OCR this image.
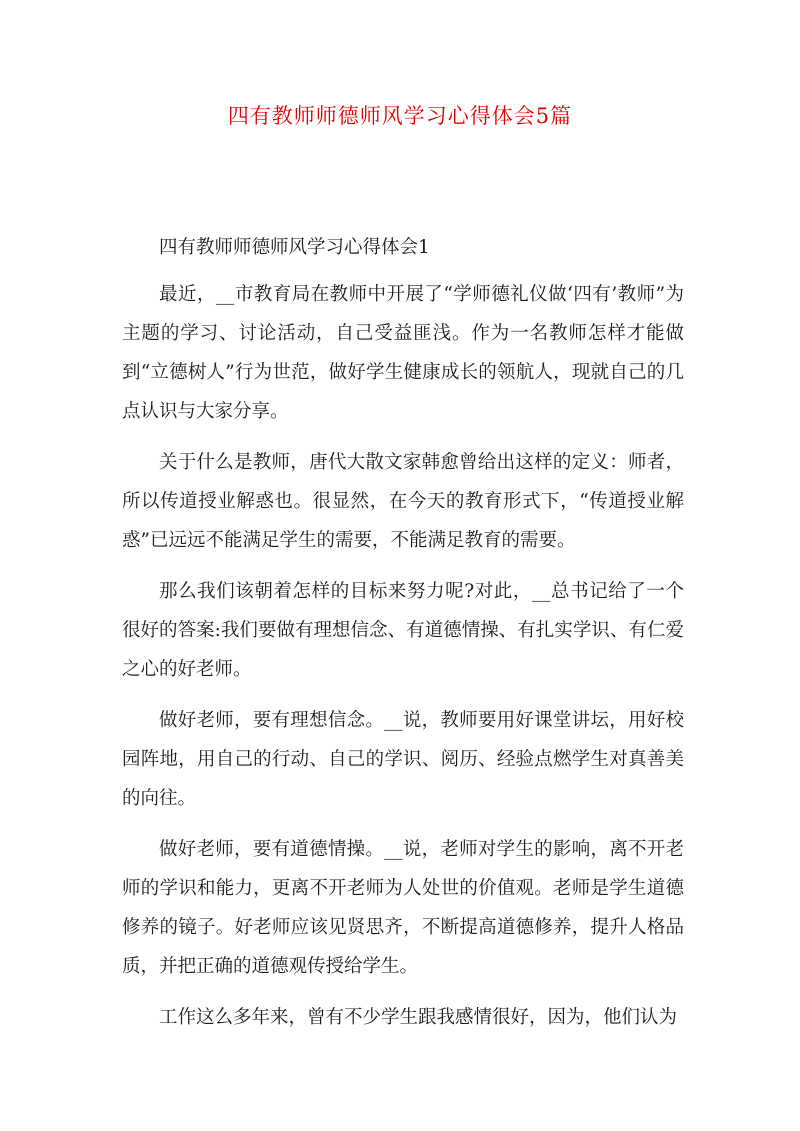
四有教师师德师风学习心得体会5篇

四有教师师德师风学习心得体会1

最近，__市教育局在教师中开展了“学师德礼仪做‘四有’教师”为主题的学习、讨论活动，自己受益匪浅。作为一名教师怎样才能做到“立德树人”行为世范，做好学生健康成长的领航人，现就自己的几点认识与大家分享。

关于什么是教师，唐代大散文家韩愈曾给出这样的定义：师者，所以传道授业解惑也。很显然，在今天的教育形式下，“传道授业解惑”已远远不能满足学生的需要，不能满足教育的需要。

那么我们该朝着怎样的目标来努力呢?对此，__总书记给了一个很好的答案:我们要做有理想信念、有道德情操、有扎实学识、有仁爱之心的好老师。

做好老师，要有理想信念。__说，教师要用好课堂讲坛，用好校园阵地，用自己的行动、自己的学识、阅历、经验点燃学生对真善美的向往。

做好老师，要有道德情操。__说，老师对学生的影响，离不开老师的学识和能力，更离不开老师为人处世的价值观。老师是学生道德修养的镜子。好老师应该见贤思齐，不断提高道德修养，提升人格品质，并把正确的道德观传授给学生。

工作这么多年来，曾有不少学生跟我感情很好，因为，他们认为
